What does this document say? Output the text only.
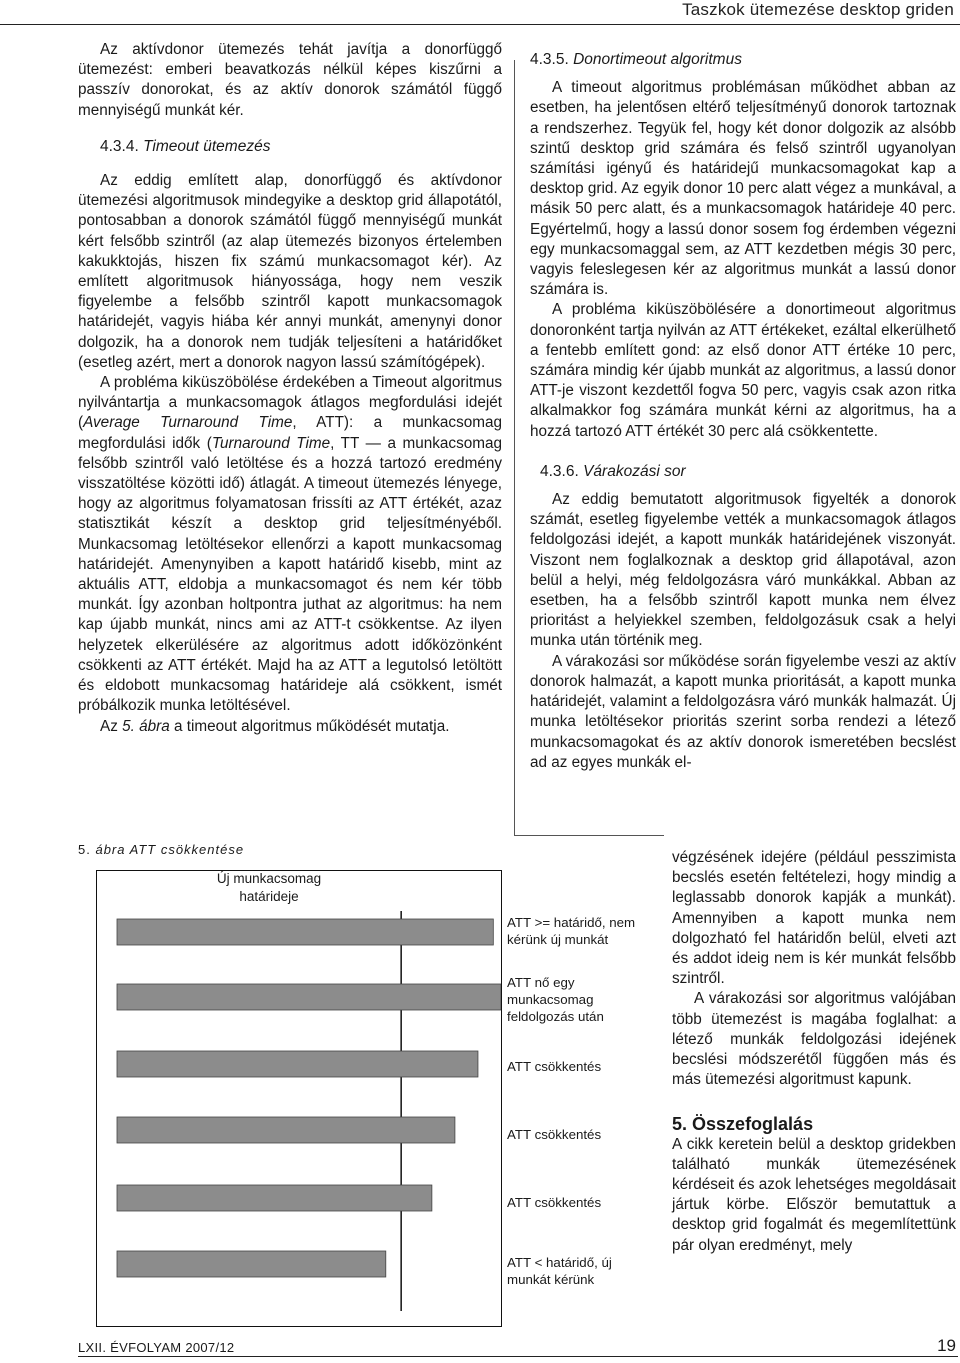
Taszkok ütemezése desktop griden

Az aktívdonor ütemezés tehát javítja a donorfüggő ütemezést: emberi beavatkozás nélkül képes kiszűrni a passzív donorokat, és az aktív donorok számától függő mennyiségű munkát kér.

4.3.4. Timeout ütemezés

Az eddig említett alap, donorfüggő és aktívdonor ütemezési algoritmusok mindegyike a desktop grid állapotától, pontosabban a donorok számától függő mennyiségű munkát kért felsőbb szintről (az alap ütemezés bizonyos értelemben kakukktojás, hiszen fix számú munkacsomagot kér). Az említett algoritmusok hiányossága, hogy nem veszik figyelembe a felsőbb szintről kapott munkacsomagok határidejét, vagyis hiába kér annyi munkát, amenynyi donor dolgozik, ha a donorok nem tudják teljesíteni a határidőket (esetleg azért, mert a donorok nagyon lassú számítógépek).

A probléma kiküszöbölése érdekében a Timeout algoritmus nyilvántartja a munkacsomagok átlagos megfordulási idejét (Average Turnaround Time, ATT): a munkacsomag megfordulási idők (Turnaround Time, TT — a munkacsomag felsőbb szintről való letöltése és a hozzá tartozó eredmény visszatöltése közötti idő) átlagát. A timeout ütemezés lényege, hogy az algoritmus folyamatosan frissíti az ATT értékét, azaz statisztikát készít a desktop grid teljesítményéből. Munkacsomag letöltésekor ellenőrzi a kapott munkacsomag határidejét. Amenynyiben a kapott határidő kisebb, mint az aktuális ATT, eldobja a munkacsomagot és nem kér több munkát. Így azonban holtpontra juthat az algoritmus: ha nem kap újabb munkát, nincs ami az ATT-t csökkentse. Az ilyen helyzetek elkerülésére az algoritmus adott időközönként csökkenti az ATT értékét. Majd ha az ATT a legutolsó letöltött és eldobott munkacsomag határideje alá csökkent, ismét próbálkozik munka letöltésével.

Az 5. ábra a timeout algoritmus működését mutatja.

5. ábra ATT csökkentése
Új munkacsomag
határideje
ATT >= határidő, nem
kérünk új munkát
ATT nő egy
munkacsomag
feldolgozás után
ATT csökkentés
ATT csökkentés
ATT csökkentés
ATT < határidő, új
munkát kérünk

4.3.5. Donortimeout algoritmus

A timeout algoritmus problémásan működhet abban az esetben, ha jelentősen eltérő teljesítményű donorok tartoznak a rendszerhez. Tegyük fel, hogy két donor dolgozik az alsóbb szintű desktop grid számára és felső szintről ugyanolyan számítási igényű és határidejű munkacsomagokat kap a desktop grid. Az egyik donor 10 perc alatt végez a munkával, a másik 50 perc alatt, és a munkacsomagok határideje 40 perc. Egyértelmű, hogy a lassú donor sosem fog érdemben végezni egy munkacsomaggal sem, az ATT kezdetben mégis 30 perc, vagyis feleslegesen kér az algoritmus munkát a lassú donor számára is.

A probléma kiküszöbölésére a donortimeout algoritmus donoronként tartja nyilván az ATT értékeket, ezáltal elkerülhető a fentebb említett gond: az első donor ATT értéke 10 perc, számára mindig kér újabb munkát az algoritmus, a lassú donor ATT-je viszont kezdettől fogva 50 perc, vagyis csak azon ritka alkalmakkor fog számára munkát kérni az algoritmus, ha a hozzá tartozó ATT értékét 30 perc alá csökkentette.

4.3.6. Várakozási sor

Az eddig bemutatott algoritmusok figyelték a donorok számát, esetleg figyelembe vették a munkacsomagok átlagos feldolgozási idejét, a kapott munkák határidejének viszonyát. Viszont nem foglalkoznak a desktop grid állapotával, azon belül a helyi, még feldolgozásra váró munkákkal. Abban az esetben, ha a felsőbb szintről kapott munka nem élvez prioritást a helyiekkel szemben, feldolgozásuk csak a helyi munka után történik meg.

A várakozási sor működése során figyelembe veszi az aktív donorok halmazát, a kapott munka prioritását, a kapott munka határidejét, valamint a feldolgozásra váró munkák halmazát. Új munka letöltésekor prioritás szerint sorba rendezi a létező munkacsomagokat és az aktív donorok ismeretében becslést ad az egyes munkák el-

végzésének idejére (például pesszimista becslés esetén feltételezi, hogy mindig a leglassabb donorok kapják a munkát). Amennyiben a kapott munka nem dolgozható fel határidőn belül, elveti azt és addot ideig nem is kér munkát felsőbb szintről.

A várakozási sor algoritmus valójában több ütemezést is magába foglalhat: a létező munkák feldolgozási idejének becslési módszerétől függően más és más ütemezési algoritmust kapunk.

5. Összefoglalás

A cikk keretein belül a desktop gridekben található munkák ütemezésének kérdéseit és azok lehetséges megoldásait jártuk körbe. Először bemutattuk a desktop grid fogalmát és megemlítettünk pár olyan eredményt, mely

LXII. ÉVFOLYAM 2007/12	19
